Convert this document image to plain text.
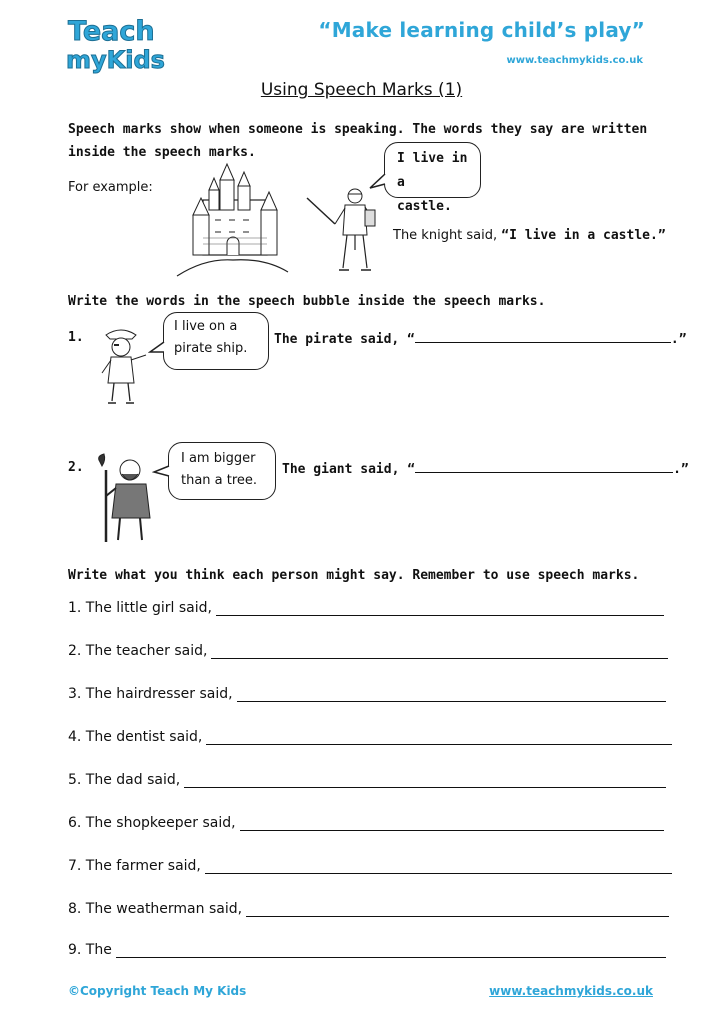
Teach
myKids
“Make learning child’s play”
www.teachmykids.co.uk
Using Speech Marks (1)
Speech marks show when someone is speaking. The words they say are written
inside the speech marks.
For example:
I live in a
castle.
The knight said, “I live in a castle.”
Write the words in the speech bubble inside the speech marks.
1.
I live on a
pirate ship.
The pirate said, “	.”
2.
I am bigger
than a tree.
The giant said, “	.”
Write what you think each person might say. Remember to use speech marks.
1. The little girl said,
2. The teacher said,
3. The hairdresser said,
4. The dentist said,
5. The dad said,
6. The shopkeeper said,
7. The farmer said,
8. The weatherman said,
9. The
©Copyright Teach My Kids	www.teachmykids.co.uk
